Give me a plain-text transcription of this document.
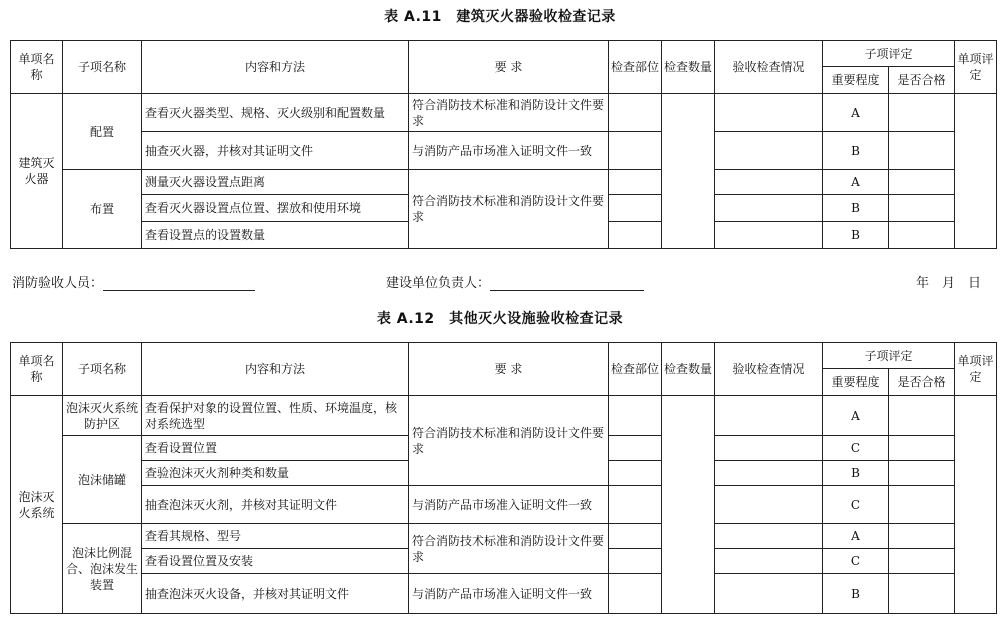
表 A.11　建筑灭火器验收检查记录
单项名称	子项名称	内容和方法	要 求	检查部位	检查数量	验收检查情况	子项评定		单项评定
							重要程度	是否合格	
建筑灭火器	配置	查看灭火器类型、规格、灭火级别和配置数量	符合消防技术标准和消防设计文件要求				A		
		抽查灭火器，并核对其证明文件	与消防产品市场准入证明文件一致				B		
	布置	测量灭火器设置点距离	符合消防技术标准和消防设计文件要求				A		
		查看灭火器设置点位置、摆放和使用环境					B		
		查看设置点的设置数量					B		
消防验收人员：	建设单位负责人：	年　月　日
表 A.12　其他灭火设施验收检查记录
单项名称	子项名称	内容和方法	要 求	检查部位	检查数量	验收检查情况	子项评定		单项评定
							重要程度	是否合格	
泡沫灭火系统	泡沫灭火系统防护区	查看保护对象的设置位置、性质、环境温度，核对系统选型	符合消防技术标准和消防设计文件要求				A		
	泡沫储罐	查看设置位置					C		
		查验泡沫灭火剂种类和数量					B		
		抽查泡沫灭火剂，并核对其证明文件	与消防产品市场准入证明文件一致				C		
	泡沫比例混合、泡沫发生装置	查看其规格、型号	符合消防技术标准和消防设计文件要求				A		
		查看设置位置及安装					C		
		抽查泡沫灭火设备，并核对其证明文件	与消防产品市场准入证明文件一致				B		
